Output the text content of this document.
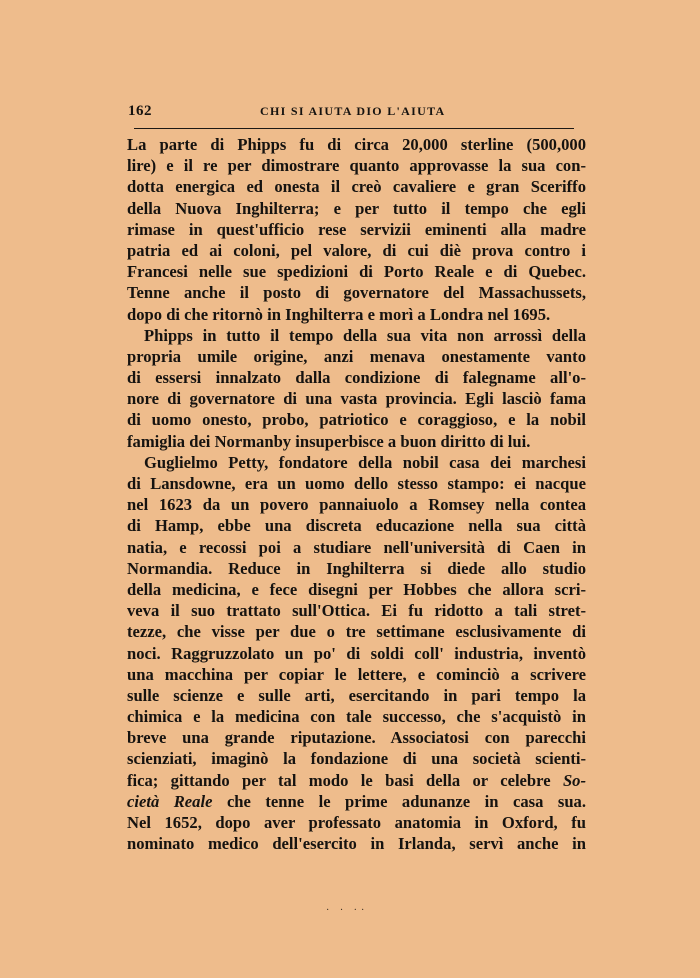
162	CHI SI AIUTA DIO L'AIUTA
La parte di Phipps fu di circa 20,000 sterline (500,000
lire) e il re per dimostrare quanto approvasse la sua con-
dotta energica ed onesta il creò cavaliere e gran Sceriffo
della Nuova Inghilterra; e per tutto il tempo che egli
rimase in quest'ufficio rese servizii eminenti alla madre
patria ed ai coloni, pel valore, di cui diè prova contro i
Francesi nelle sue spedizioni di Porto Reale e di Quebec.
Tenne anche il posto di governatore del Massachussets,
dopo di che ritornò in Inghilterra e morì a Londra nel 1695.
Phipps in tutto il tempo della sua vita non arrossì della
propria umile origine, anzi menava onestamente vanto
di essersi innalzato dalla condizione di falegname all'o-
nore di governatore di una vasta provincia. Egli lasciò fama
di uomo onesto, probo, patriotico e coraggioso, e la nobil
famiglia dei Normanby insuperbisce a buon diritto di lui.
Guglielmo Petty, fondatore della nobil casa dei marchesi
di Lansdowne, era un uomo dello stesso stampo: ei nacque
nel 1623 da un povero pannaiuolo a Romsey nella contea
di Hamp, ebbe una discreta educazione nella sua città
natia, e recossi poi a studiare nell'università di Caen in
Normandia. Reduce in Inghilterra si diede allo studio
della medicina, e fece disegni per Hobbes che allora scri-
veva il suo trattato sull'Ottica. Ei fu ridotto a tali stret-
tezze, che visse per due o tre settimane esclusivamente di
noci. Raggruzzolato un po' di soldi coll' industria, inventò
una macchina per copiar le lettere, e cominciò a scrivere
sulle scienze e sulle arti, esercitando in pari tempo la
chimica e la medicina con tale successo, che s'acquistò in
breve una grande riputazione. Associatosi con parecchi
scienziati, imaginò la fondazione di una società scienti-
fica; gittando per tal modo le basi della or celebre So-
cietà Reale che tenne le prime adunanze in casa sua.
Nel 1652, dopo aver professato anatomia in Oxford, fu
nominato medico dell'esercito in Irlanda, servì anche in
· · ··
